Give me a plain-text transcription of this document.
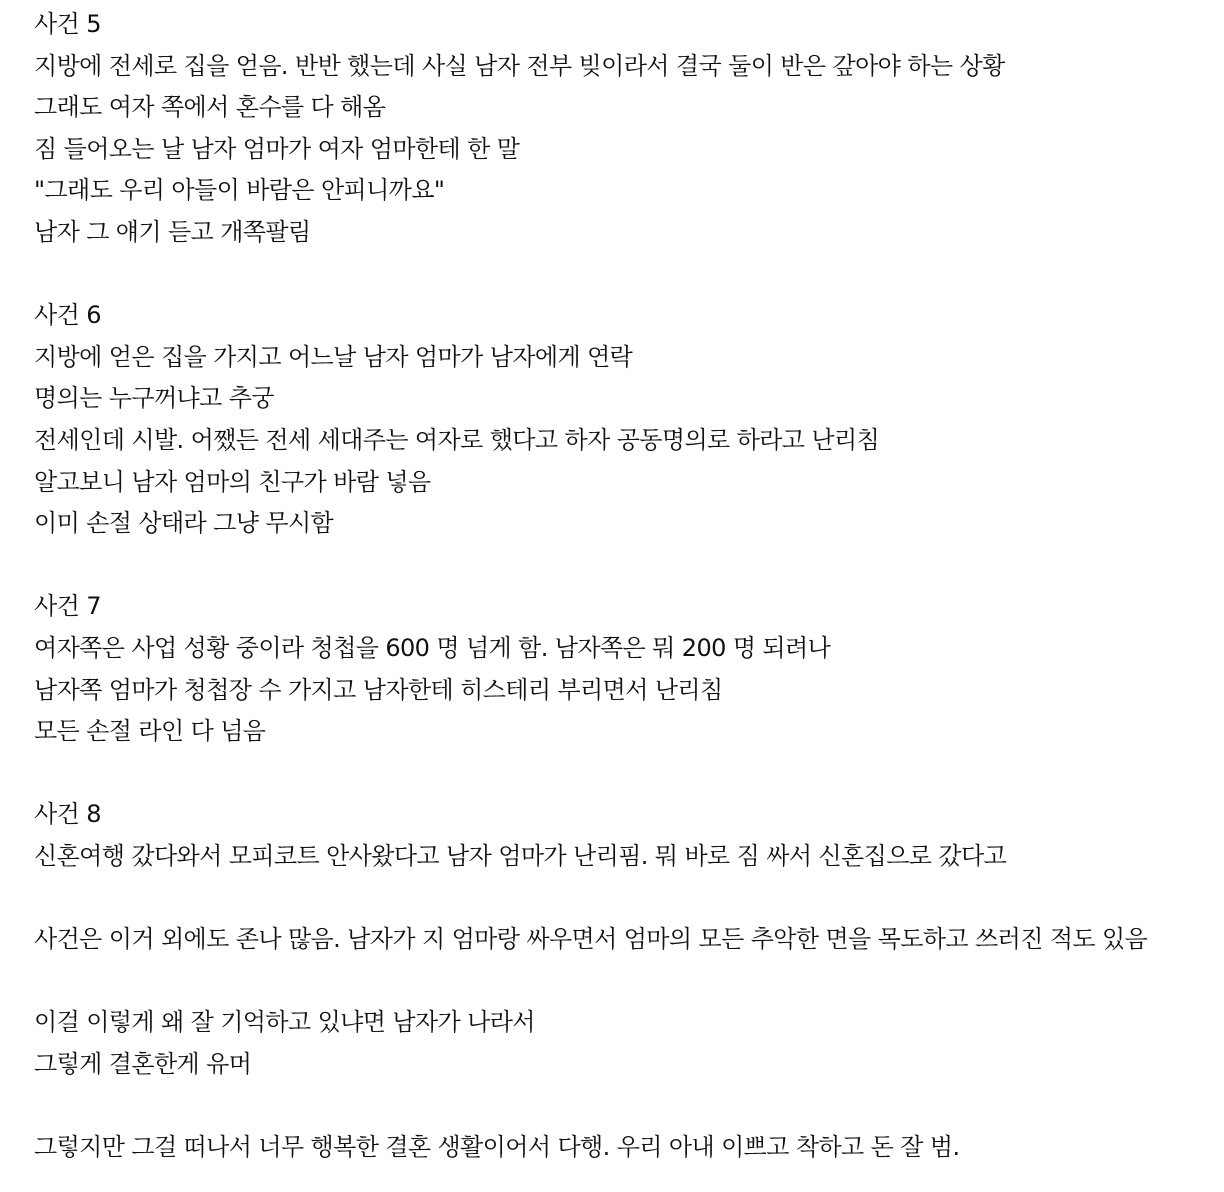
사건 5
지방에 전세로 집을 얻음. 반반 했는데 사실 남자 전부 빚이라서 결국 둘이 반은 갚아야 하는 상황
그래도 여자 쪽에서 혼수를 다 해옴
짐 들어오는 날 남자 엄마가 여자 엄마한테 한 말
"그래도 우리 아들이 바람은 안피니까요"
남자 그 얘기 듣고 개쪽팔림
사건 6
지방에 얻은 집을 가지고 어느날 남자 엄마가 남자에게 연락
명의는 누구꺼냐고 추궁
전세인데 시발. 어쨌든 전세 세대주는 여자로 했다고 하자 공동명의로 하라고 난리침
알고보니 남자 엄마의 친구가 바람 넣음
이미 손절 상태라 그냥 무시함
사건 7
여자쪽은 사업 성황 중이라 청첩을 600 명 넘게 함. 남자쪽은 뭐 200 명 되려나
남자쪽 엄마가 청첩장 수 가지고 남자한테 히스테리 부리면서 난리침
모든 손절 라인 다 넘음
사건 8
신혼여행 갔다와서 모피코트 안사왔다고 남자 엄마가 난리핌. 뭐 바로 짐 싸서 신혼집으로 갔다고
사건은 이거 외에도 존나 많음. 남자가 지 엄마랑 싸우면서 엄마의 모든 추악한 면을 목도하고 쓰러진 적도 있음
이걸 이렇게 왜 잘 기억하고 있냐면 남자가 나라서
그렇게 결혼한게 유머
그렇지만 그걸 떠나서 너무 행복한 결혼 생활이어서 다행. 우리 아내 이쁘고 착하고 돈 잘 범.
